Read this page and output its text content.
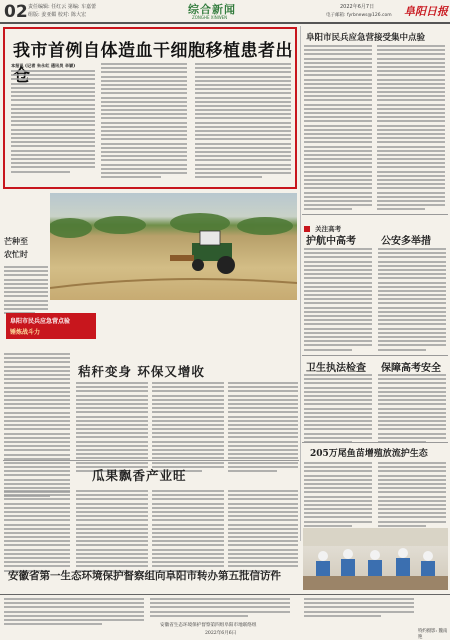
02 责任编辑: 任红云 第编: 车嘉蕾
组版: 姜亚媚 校对: 陈大宏	综合新闻
ZONGHE XINWEN
2022年6月7日
电子邮箱: fyrbnews@126.com 阜阳日报
我市首例自体造血干细胞移植患者出
本报讯 (记者 朱永红 通讯员 辛颖)
阜阳市民兵应急营接受集中点验
芒种至
农忙时
阜阳市民兵应急营点验
锤炼战斗力
秸秆变身 环保又增收
瓜果飘香产业旺
关注高考
护航中高考	公安多举措
卫生执法检查 保障高考安全
205万尾鱼苗增殖放流护生态
安徽省第一生态环境保护督察组向阜阳市转办第五批信访件
安徽省生态环境保护督察第四组阜阳市地联络组
2022年6月6日	特约摄影: 魏南艳
